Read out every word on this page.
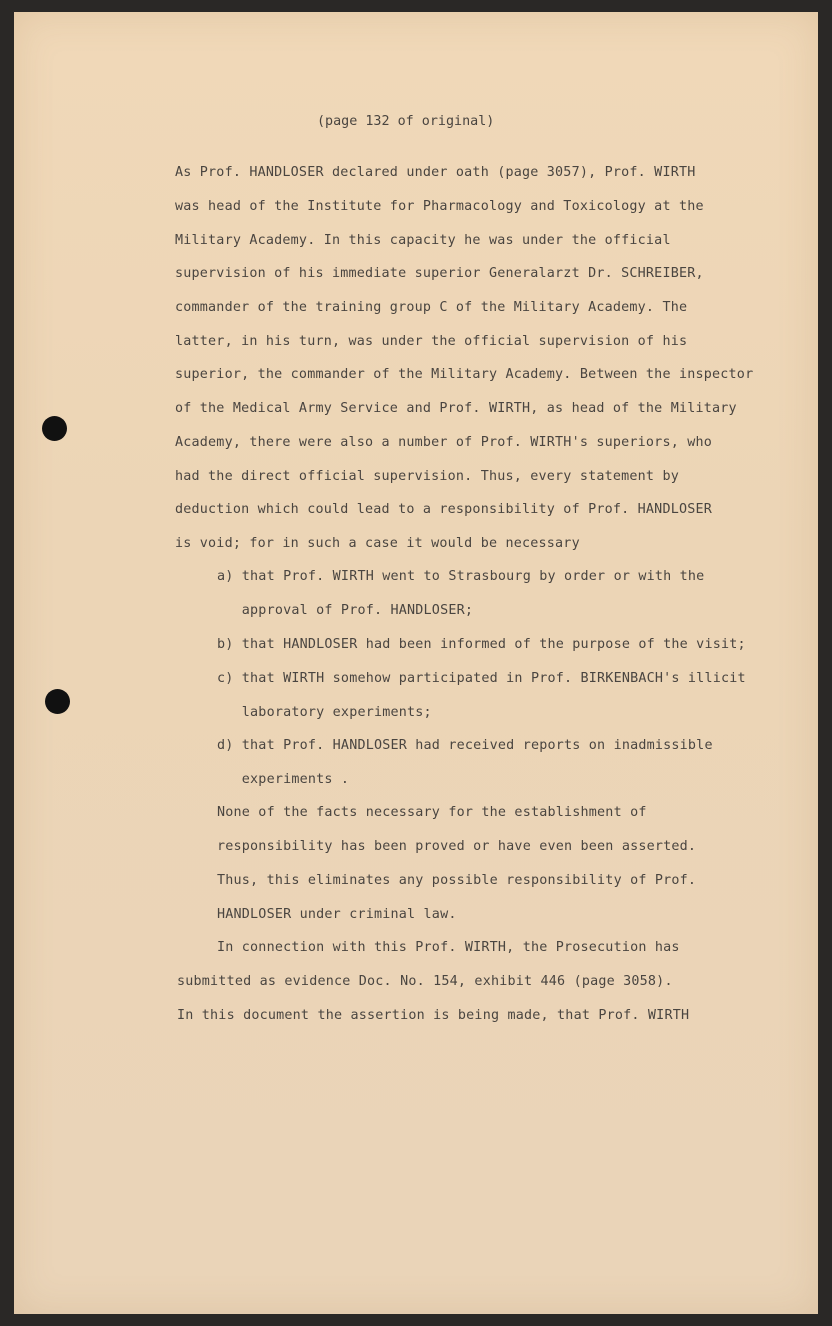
(page 132 of original)
As Prof. HANDLOSER declared under oath (page 3057), Prof. WIRTH
was head of the Institute for Pharmacology and Toxicology at the
Military Academy. In this capacity he was under the official
supervision of his immediate superior Generalarzt Dr. SCHREIBER,
commander of the training group C of the Military Academy. The
latter, in his turn, was under the official supervision of his
superior, the commander of the Military Academy. Between the inspector
of the Medical Army Service and Prof. WIRTH, as head of the Military
Academy, there were also a number of Prof. WIRTH's superiors, who
had the direct official supervision. Thus, every statement by
deduction which could lead to a responsibility of Prof. HANDLOSER
is void; for in such a case it would be necessary
a) that Prof. WIRTH went to Strasbourg by order or with the
approval of Prof. HANDLOSER;
b) that HANDLOSER had been informed of the purpose of the visit;
c) that WIRTH somehow participated in Prof. BIRKENBACH's illicit
laboratory experiments;
d) that Prof. HANDLOSER had received reports on inadmissible
experiments .
None of the facts necessary for the establishment of
responsibility has been proved or have even been asserted.
Thus, this eliminates any possible responsibility of Prof.
HANDLOSER under criminal law.
In connection with this Prof. WIRTH, the Prosecution has
submitted as evidence Doc. No. 154, exhibit 446 (page 3058).
In this document the assertion is being made, that Prof. WIRTH
